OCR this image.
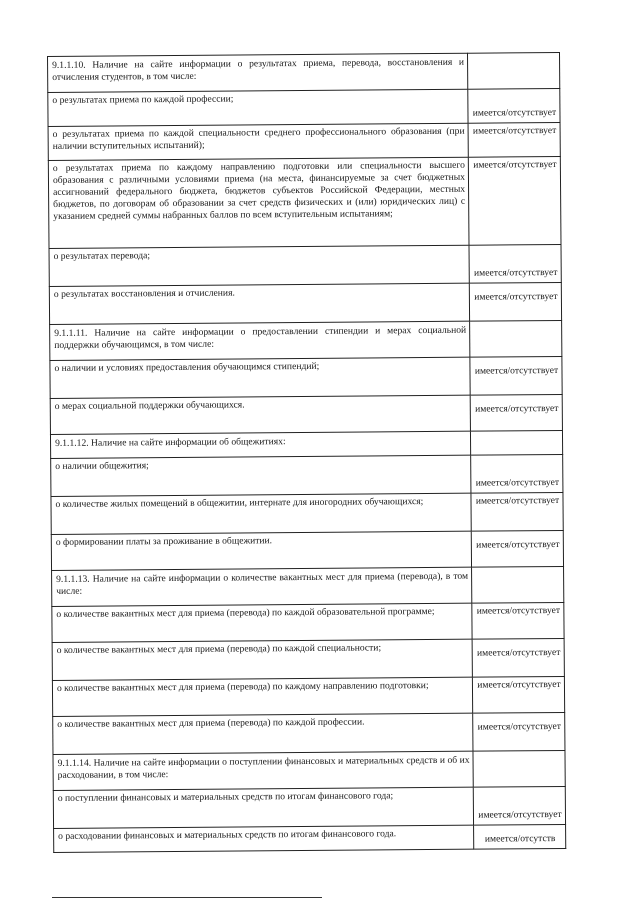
9.1.1.10. Наличие на сайте информации о результатах приема, перевода, восстановления и отчисления студентов, в том числе:	
о результатах приема по каждой профессии;	имеется/отсутствует
о результатах приема по каждой специальности среднего профессионального образования (при наличии вступительных испытаний);	имеется/отсутствует
о результатах приема по каждому направлению подготовки или специальности высшего образования с различными условиями приема (на места, финансируемые за счет бюджетных ассигнований федерального бюджета, бюджетов субъектов Российской Федерации, местных бюджетов, по договорам об образовании за счет средств физических и (или) юридических лиц) с указанием средней суммы набранных баллов по всем вступительным испытаниям;	имеется/отсутствует
о результатах перевода;	имеется/отсутствует
о результатах восстановления и отчисления.	имеется/отсутствует
9.1.1.11. Наличие на сайте информации о предоставлении стипендии и мерах социальной поддержки обучающимся, в том числе:	
о наличии и условиях предоставления обучающимся стипендий;	имеется/отсутствует
о мерах социальной поддержки обучающихся.	имеется/отсутствует
9.1.1.12. Наличие на сайте информации об общежитиях:	
о наличии общежития;	имеется/отсутствует
о количестве жилых помещений в общежитии, интернате для иногородних обучающихся;	имеется/отсутствует
о формировании платы за проживание в общежитии.	имеется/отсутствует
9.1.1.13. Наличие на сайте информации о количестве вакантных мест для приема (перевода), в том числе:	
о количестве вакантных мест для приема (перевода) по каждой образовательной программе;	имеется/отсутствует
о количестве вакантных мест для приема (перевода) по каждой специальности;	имеется/отсутствует
о количестве вакантных мест для приема (перевода) по каждому направлению подготовки;	имеется/отсутствует
о количестве вакантных мест для приема (перевода) по каждой профессии.	имеется/отсутствует
9.1.1.14. Наличие на сайте информации о поступлении финансовых и материальных средств и об их расходовании, в том числе:	
о поступлении финансовых и материальных средств по итогам финансового года;	имеется/отсутствует
о расходовании финансовых и материальных средств по итогам финансового года.	имеется/отсутств
